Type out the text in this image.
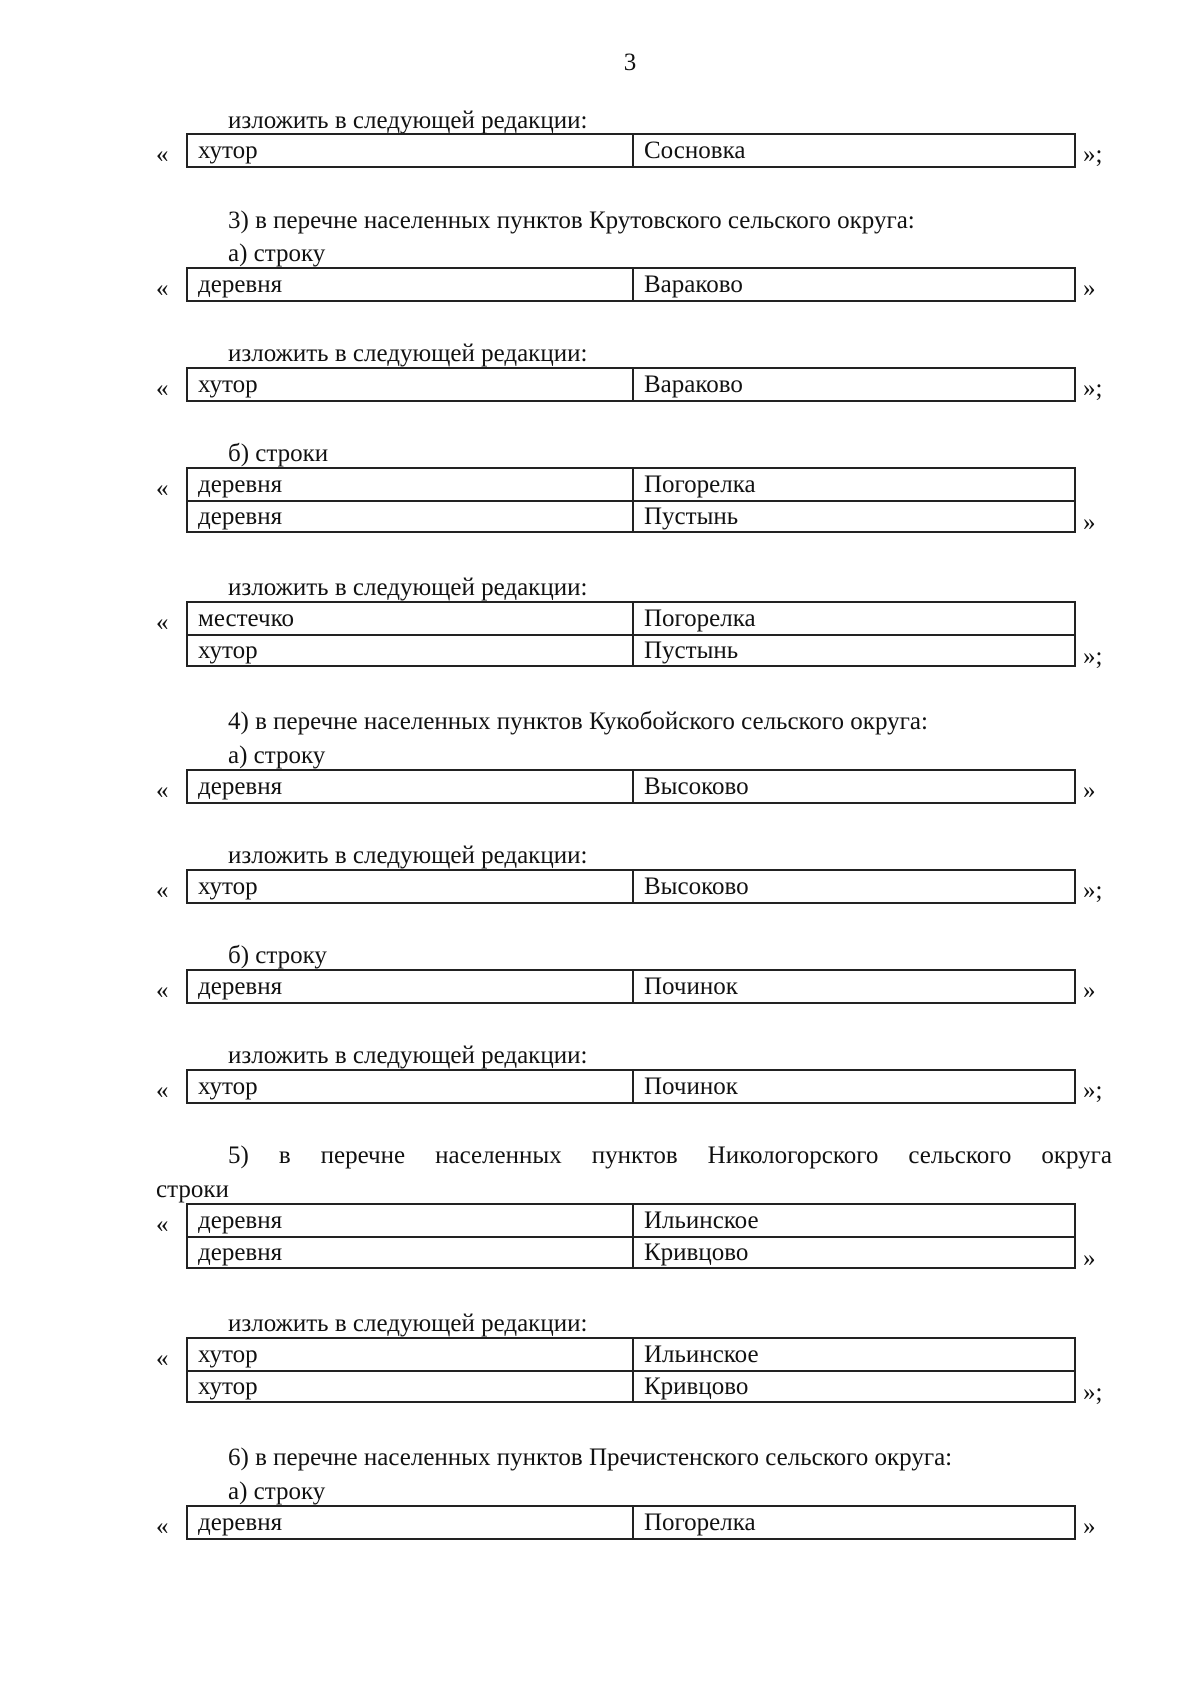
3
изложить в следующей редакции:
«	хутор	Сосновка	»;
3) в перечне населенных пунктов Крутовского сельского округа:
а) строку
«	деревня	Вараково	»
изложить в следующей редакции:
«	хутор	Вараково	»;
б) строки
«	деревня	Погорелка
деревня	Пустынь	»
изложить в следующей редакции:
«	местечко	Погорелка
хутор	Пустынь	»;
4) в перечне населенных пунктов Кукобойского сельского округа:
а) строку
«	деревня	Высоково	»
изложить в следующей редакции:
«	хутор	Высоково	»;
б) строку
«	деревня	Починок	»
изложить в следующей редакции:
«	хутор	Починок	»;
5) в перечне населенных пунктов Никологорского сельского округа
строки
«	деревня	Ильинское
деревня	Кривцово	»
изложить в следующей редакции:
«	хутор	Ильинское
хутор	Кривцово	»;
6) в перечне населенных пунктов Пречистенского сельского округа:
а) строку
«	деревня	Погорелка	»
